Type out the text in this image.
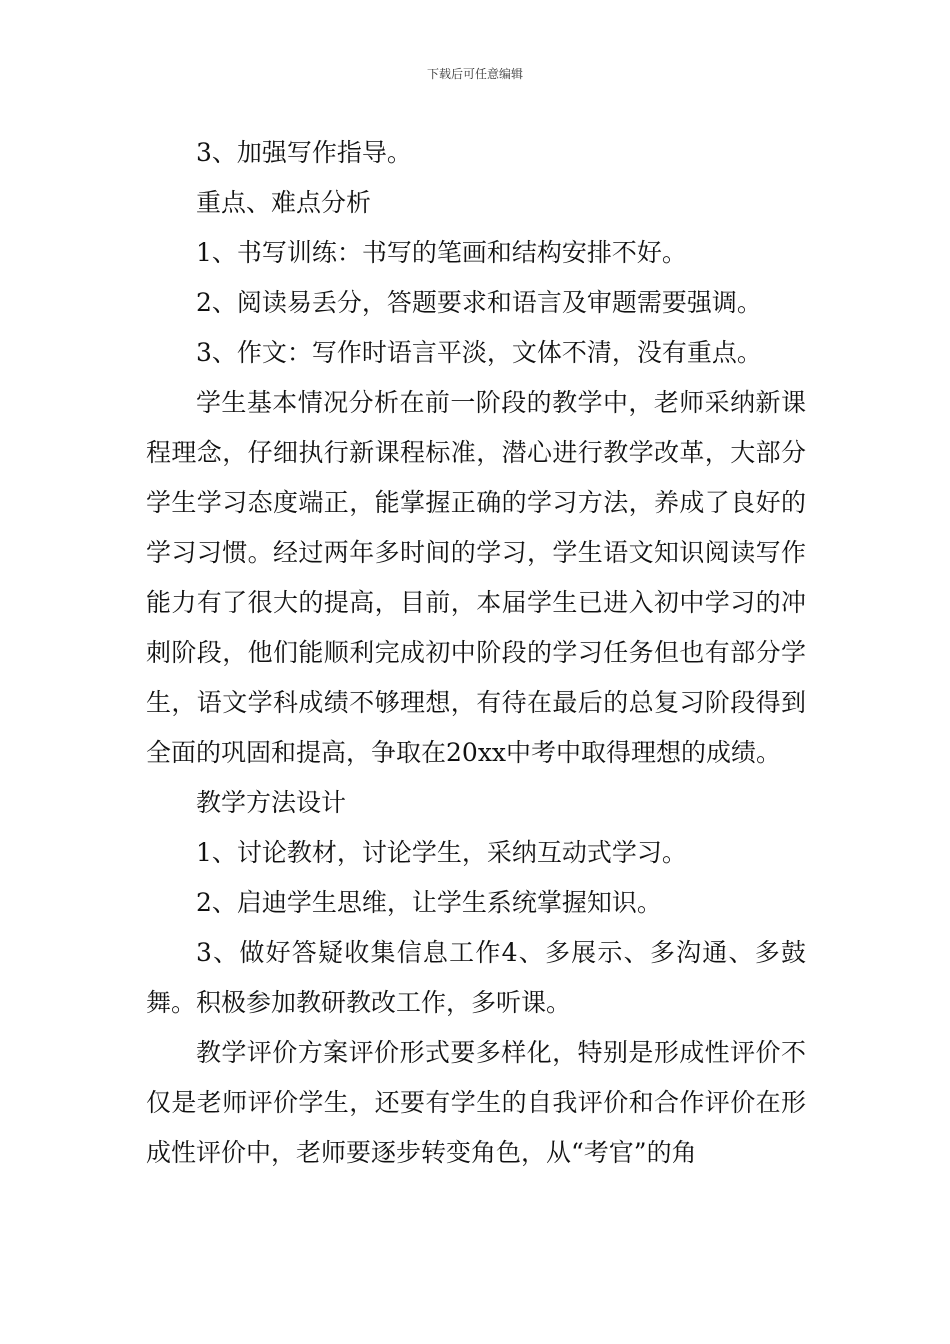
下载后可任意编辑

3、加强写作指导。

重点、难点分析

1、书写训练：书写的笔画和结构安排不好。

2、阅读易丢分，答题要求和语言及审题需要强调。

3、作文：写作时语言平淡，文体不清，没有重点。

学生基本情况分析在前一阶段的教学中，老师采纳新课程理念，仔细执行新课程标准，潜心进行教学改革，大部分学生学习态度端正，能掌握正确的学习方法，养成了良好的学习习惯。经过两年多时间的学习，学生语文知识阅读写作能力有了很大的提高，目前，本届学生已进入初中学习的冲刺阶段，他们能顺利完成初中阶段的学习任务但也有部分学生，语文学科成绩不够理想，有待在最后的总复习阶段得到全面的巩固和提高，争取在20xx中考中取得理想的成绩。

教学方法设计

1、讨论教材，讨论学生，采纳互动式学习。

2、启迪学生思维，让学生系统掌握知识。

3、做好答疑收集信息工作4、多展示、多沟通、多鼓舞。积极参加教研教改工作，多听课。

教学评价方案评价形式要多样化，特别是形成性评价不仅是老师评价学生，还要有学生的自我评价和合作评价在形成性评价中，老师要逐步转变角色，从“考官”的角
